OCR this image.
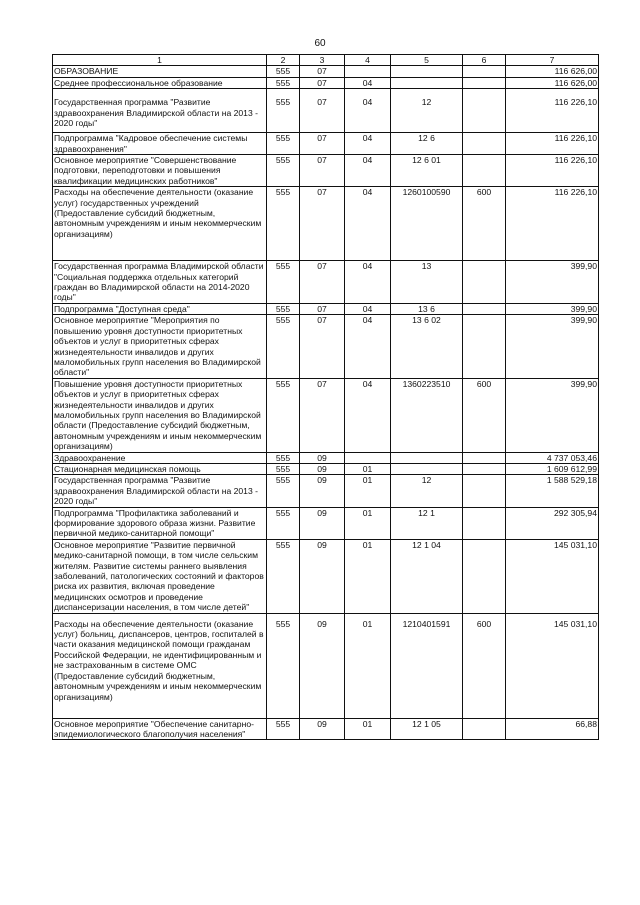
60
1	2	3	4	5	6	7
ОБРАЗОВАНИЕ	555	07				116 626,00
Среднее профессиональное образование	555	07	04			116 626,00
Государственная программа "Развитие здравоохранения Владимирской области на 2013 - 2020 годы"	555	07	04	12		116 226,10
Подпрограмма "Кадровое обеспечение системы здравоохранения"	555	07	04	12 6		116 226,10
Основное мероприятие "Совершенствование подготовки, переподготовки и повышения квалификации медицинских работников"	555	07	04	12 6 01		116 226,10
Расходы на обеспечение деятельности (оказание услуг) государственных учреждений (Предоставление субсидий бюджетным, автономным учреждениям и иным некоммерческим организациям)	555	07	04	1260100590	600	116 226,10
Государственная программа Владимирской области "Социальная поддержка отдельных категорий граждан во Владимирской области на 2014-2020 годы"	555	07	04	13		399,90
Подпрограмма "Доступная среда"	555	07	04	13 6		399,90
Основное мероприятие "Мероприятия по повышению уровня доступности приоритетных объектов и услуг в приоритетных сферах жизнедеятельности инвалидов и других маломобильных групп населения во Владимирской области"	555	07	04	13 6 02		399,90
Повышение уровня доступности приоритетных объектов и услуг в приоритетных сферах жизнедеятельности инвалидов и других маломобильных групп населения во Владимирской области (Предоставление субсидий бюджетным, автономным учреждениям и иным некоммерческим организациям)	555	07	04	1360223510	600	399,90
Здравоохранение	555	09				4 737 053,46
Стационарная медицинская помощь	555	09	01			1 609 612,99
Государственная программа "Развитие здравоохранения Владимирской области на 2013 - 2020 годы"	555	09	01	12		1 588 529,18
Подпрограмма "Профилактика заболеваний и формирование здорового образа жизни. Развитие первичной медико-санитарной помощи"	555	09	01	12 1		292 305,94
Основное мероприятие "Развитие первичной медико-санитарной помощи, в том числе сельским жителям. Развитие системы раннего выявления заболеваний, патологических состояний и факторов риска их развития, включая проведение медицинских осмотров и проведение диспансеризации населения, в том числе детей"	555	09	01	12 1 04		145 031,10
Расходы на обеспечение деятельности (оказание услуг) больниц, диспансеров, центров, госпиталей в части оказания медицинской помощи гражданам Российской Федерации, не идентифицированным и не застрахованным в системе ОМС (Предоставление субсидий бюджетным, автономным учреждениям и иным некоммерческим организациям)	555	09	01	1210401591	600	145 031,10
Основное мероприятие "Обеспечение санитарно-эпидемиологического благополучия населения"	555	09	01	12 1 05		66,88
